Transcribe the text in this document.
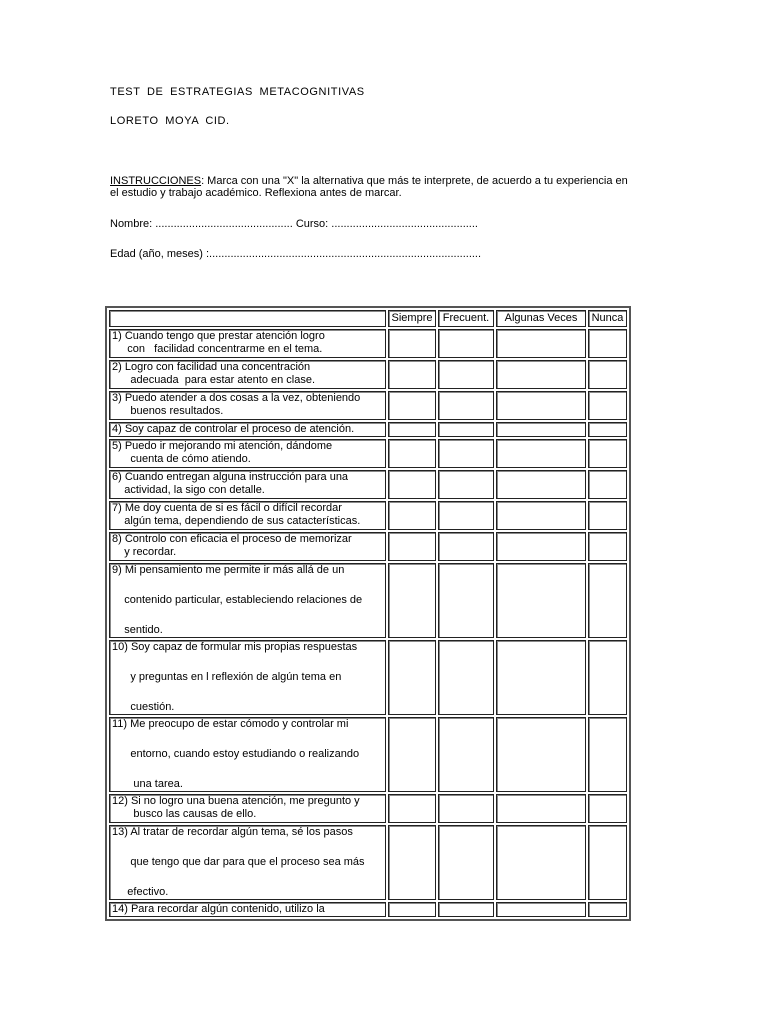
TEST DE ESTRATEGIAS METACOGNITIVAS
LORETO MOYA CID.
INSTRUCCIONES: Marca con una "X" la alternativa que más te interprete, de acuerdo a tu experiencia en
el estudio y trabajo académico. Reflexiona antes de marcar.
Nombre: ............................................. Curso: ................................................
Edad (año, meses) :.........................................................................................
	Siempre	Frecuent.	Algunas Veces	Nunca

1) Cuando tengo que prestar atención logro
con   facilidad concentrarme en el tema.				

2) Logro con facilidad una concentración
adecuada  para estar atento en clase.				

3) Puedo atender a dos cosas a la vez, obteniendo
buenos resultados.				

4) Soy capaz de controlar el proceso de atención.				

5) Puedo ir mejorando mi atención, dándome
cuenta de cómo atiendo.				

6) Cuando entregan alguna instrucción para una
actividad, la sigo con detalle.				

7) Me doy cuenta de si es fácil o difícil recordar
algún tema, dependiendo de sus catacterísticas.				

8) Controlo con eficacia el proceso de memorizar
y recordar.				

9) Mi pensamiento me permite ir más allá de un
contenido particular, estableciendo relaciones de
sentido.				

10) Soy capaz de formular mis propias respuestas
y preguntas en l reflexión de algún tema en
cuestión.				

11) Me preocupo de estar cómodo y controlar mi
entorno, cuando estoy estudiando o realizando
una tarea.				

12) Si no logro una buena atención, me pregunto y
busco las causas de ello.				

13) Al tratar de recordar algún tema, sé los pasos
que tengo que dar para que el proceso sea más
efectivo.				

14) Para recordar algún contenido, utilizo la				
